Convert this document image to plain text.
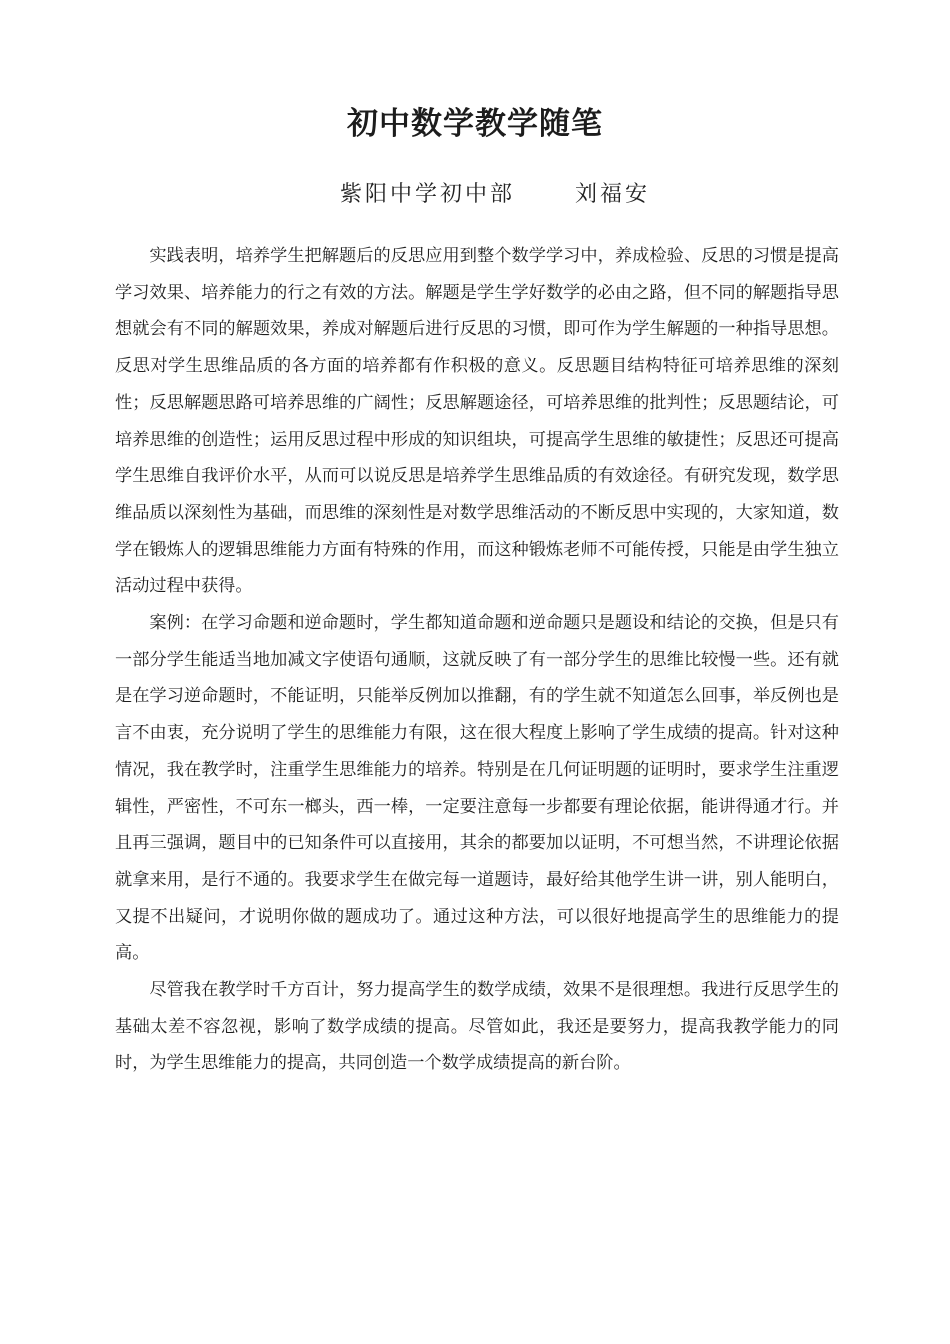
初中数学教学随笔
紫阳中学初中部      刘福安

实践表明，培养学生把解题后的反思应用到整个数学学习中，养成检验、反思的习惯是提高学习效果、培养能力的行之有效的方法。解题是学生学好数学的必由之路，但不同的解题指导思想就会有不同的解题效果，养成对解题后进行反思的习惯，即可作为学生解题的一种指导思想。 反思对学生思维品质的各方面的培养都有作积极的意义。反思题目结构特征可培养思维的深刻性；反思解题思路可培养思维的广阔性；反思解题途径，可培养思维的批判性；反思题结论，可培养思维的创造性；运用反思过程中形成的知识组块，可提高学生思维的敏捷性；反思还可提高学生思维自我评价水平，从而可以说反思是培养学生思维品质的有效途径。有研究发现，数学思维品质以深刻性为基础，而思维的深刻性是对数学思维活动的不断反思中实现的，大家知道，数学在锻炼人的逻辑思维能力方面有特殊的作用，而这种锻炼老师不可能传授，只能是由学生独立活动过程中获得。

案例：在学习命题和逆命题时，学生都知道命题和逆命题只是题设和结论的交换，但是只有一部分学生能适当地加减文字使语句通顺，这就反映了有一部分学生的思维比较慢一些。还有就是在学习逆命题时，不能证明，只能举反例加以推翻，有的学生就不知道怎么回事，举反例也是言不由衷，充分说明了学生的思维能力有限，这在很大程度上影响了学生成绩的提高。针对这种情况，我在教学时，注重学生思维能力的培养。特别是在几何证明题的证明时，要求学生注重逻辑性，严密性，不可东一榔头，西一棒，一定要注意每一步都要有理论依据，能讲得通才行。并且再三强调，题目中的已知条件可以直接用，其余的都要加以证明，不可想当然，不讲理论依据就拿来用，是行不通的。我要求学生在做完每一道题诗，最好给其他学生讲一讲，别人能明白，又提不出疑问，才说明你做的题成功了。通过这种方法，可以很好地提高学生的思维能力的提高。

尽管我在教学时千方百计，努力提高学生的数学成绩，效果不是很理想。我进行反思学生的基础太差不容忽视，影响了数学成绩的提高。尽管如此，我还是要努力，提高我教学能力的同时，为学生思维能力的提高，共同创造一个数学成绩提高的新台阶。
